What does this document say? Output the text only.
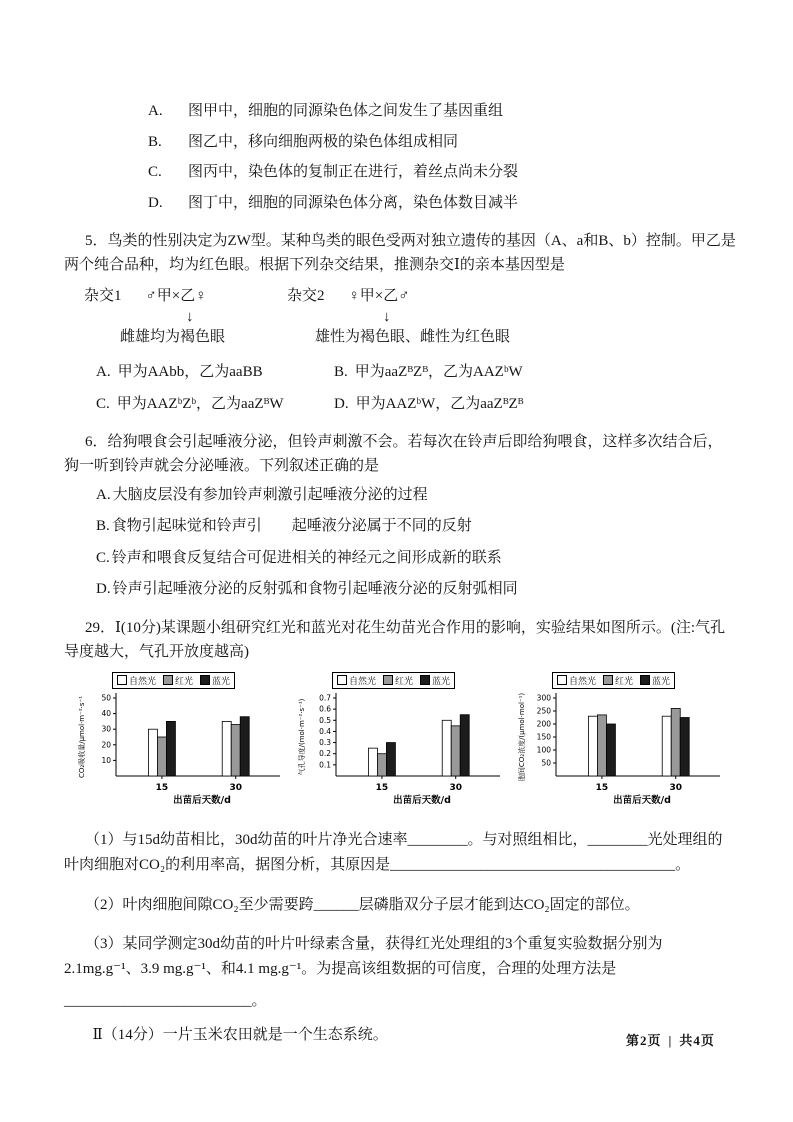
A.	图甲中，细胞的同源染色体之间发生了基因重组
B.	图乙中，移向细胞两极的染色体组成相同
C.	图丙中，染色体的复制正在进行，着丝点尚未分裂
D.	图丁中，细胞的同源染色体分离，染色体数目减半

5．鸟类的性别决定为ZW型。某种鸟类的眼色受两对独立遗传的基因（A、a和B、b）控制。甲乙是两个纯合品种，均为红色眼。根据下列杂交结果，推测杂交Ⅰ的亲本基因型是

杂交1 ♂甲×乙♀
↓
雌雄均为褐色眼
杂交2 ♀甲×乙♂
↓
雄性为褐色眼、雌性为红色眼
A. 甲为AAbb，乙为aaBB	B. 甲为aaZᴮZᴮ，乙为AAZᵇW
C. 甲为AAZᵇZᵇ，乙为aaZᴮW	D. 甲为AAZᵇW，乙为aaZᴮZᴮ

6．给狗喂食会引起唾液分泌，但铃声刺激不会。若每次在铃声后即给狗喂食，这样多次结合后，狗一听到铃声就会分泌唾液。下列叙述正确的是

A. 大脑皮层没有参加铃声刺激引起唾液分泌的过程
B. 食物引起味觉和铃声引　　起唾液分泌属于不同的反射
C. 铃声和喂食反复结合可促进相关的神经元之间形成新的联系
D. 铃声引起唾液分泌的反射弧和食物引起唾液分泌的反射弧相同

29．Ⅰ(10分)某课题小组研究红光和蓝光对花生幼苗光合作用的影响，实验结果如图所示。(注:气孔导度越大，气孔开放度越高)

自然光 红光 蓝光
10
20
30
40
50
CO₂吸收量/μmol·m⁻²·s⁻¹
15	30
出苗后天数/d
自然光 红光 蓝光
0.1
0.2
0.3
0.4
0.5
0.6
0.7
气孔导度/(mol·m⁻²·s⁻¹)
15	30
出苗后天数/d
自然光 红光 蓝光
50
100
150
200
250
300
胞间CO₂浓度/(μmol·mol⁻¹)
15	30
出苗后天数/d

（1）与15d幼苗相比，30d幼苗的叶片净光合速率________。与对照组相比，________光处理组的叶肉细胞对CO₂的利用率高，据图分析，其原因是______________________________________。

（2）叶肉细胞间隙CO₂至少需要跨______层磷脂双分子层才能到达CO₂固定的部位。

（3）某同学测定30d幼苗的叶片叶绿素含量，获得红光处理组的3个重复实验数据分别为2.1mg.g⁻¹、3.9 mg.g⁻¹、和4.1 mg.g⁻¹。为提高该组数据的可信度，合理的处理方法是

_________________________。

Ⅱ（14分）一片玉米农田就是一个生态系统。	第2页 | 共4页
